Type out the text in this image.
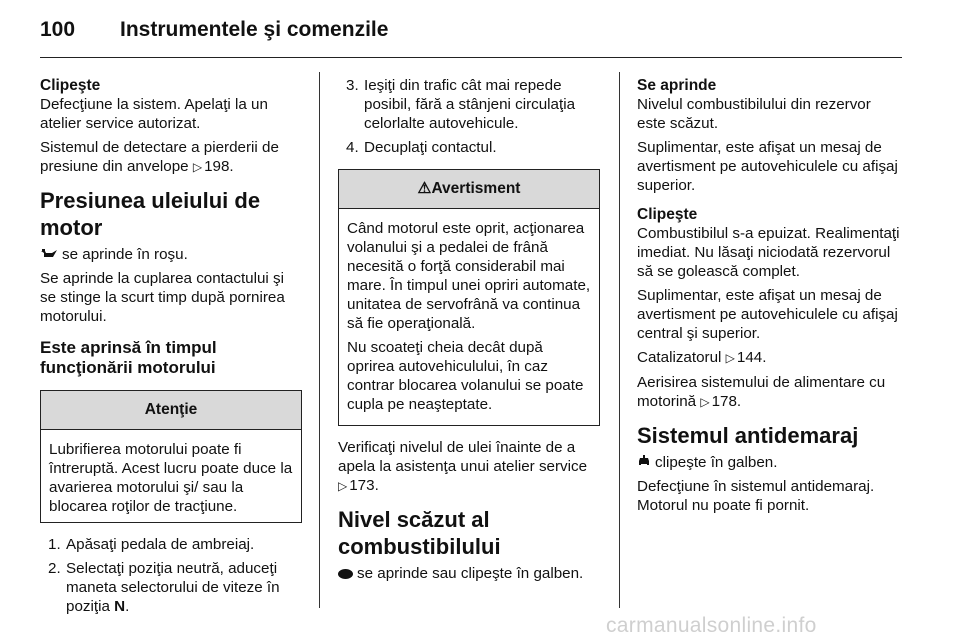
100 Instrumentele şi comenzile
Clipeşte

Defecţiune la sistem. Apelaţi la un atelier service autorizat.

Sistemul de detectare a pierderii de presiune din anvelope ▷ 198.

Presiunea uleiului de motor

se aprinde în roşu.

Se aprinde la cuplarea contactului şi se stinge la scurt timp după pornirea motorului.

Este aprinsă în timpul funcţionării motorului
Atenţie
Lubrifierea motorului poate fi întreruptă. Acest lucru poate duce la avarierea motorului şi/ sau la blocarea roţilor de tracţiune.
1. Apăsaţi pedala de ambreiaj.
2. Selectaţi poziţia neutră, aduceţi maneta selectorului de viteze în poziţia N.
3. Ieşiţi din trafic cât mai repede posibil, fără a stânjeni circulaţia celorlalte autovehicule.
4. Decuplaţi contactul.
⚠Avertisment

Când motorul este oprit, acţionarea volanului şi a pedalei de frână necesită o forţă considerabil mai mare. În timpul unei opriri automate, unitatea de servofrână va continua să fie operaţională.

Nu scoateţi cheia decât după oprirea autovehiculului, în caz contrar blocarea volanului se poate cupla pe neaşteptate.

Verificaţi nivelul de ulei înainte de a apela la asistenţa unui atelier service ▷ 173.

Nivel scăzut al combustibilului

se aprinde sau clipeşte în galben.

Se aprinde

Nivelul combustibilului din rezervor este scăzut.

Suplimentar, este afişat un mesaj de avertisment pe autovehiculele cu afişaj superior.

Clipeşte

Combustibilul s-a epuizat. Realimentaţi imediat. Nu lăsaţi niciodată rezervorul să se golească complet.

Suplimentar, este afişat un mesaj de avertisment pe autovehiculele cu afişaj central şi superior.

Catalizatorul ▷ 144.

Aerisirea sistemului de alimentare cu motorină ▷ 178.

Sistemul antidemaraj

clipeşte în galben.

Defecţiune în sistemul antidemaraj. Motorul nu poate fi pornit.

carmanualsonline.info
